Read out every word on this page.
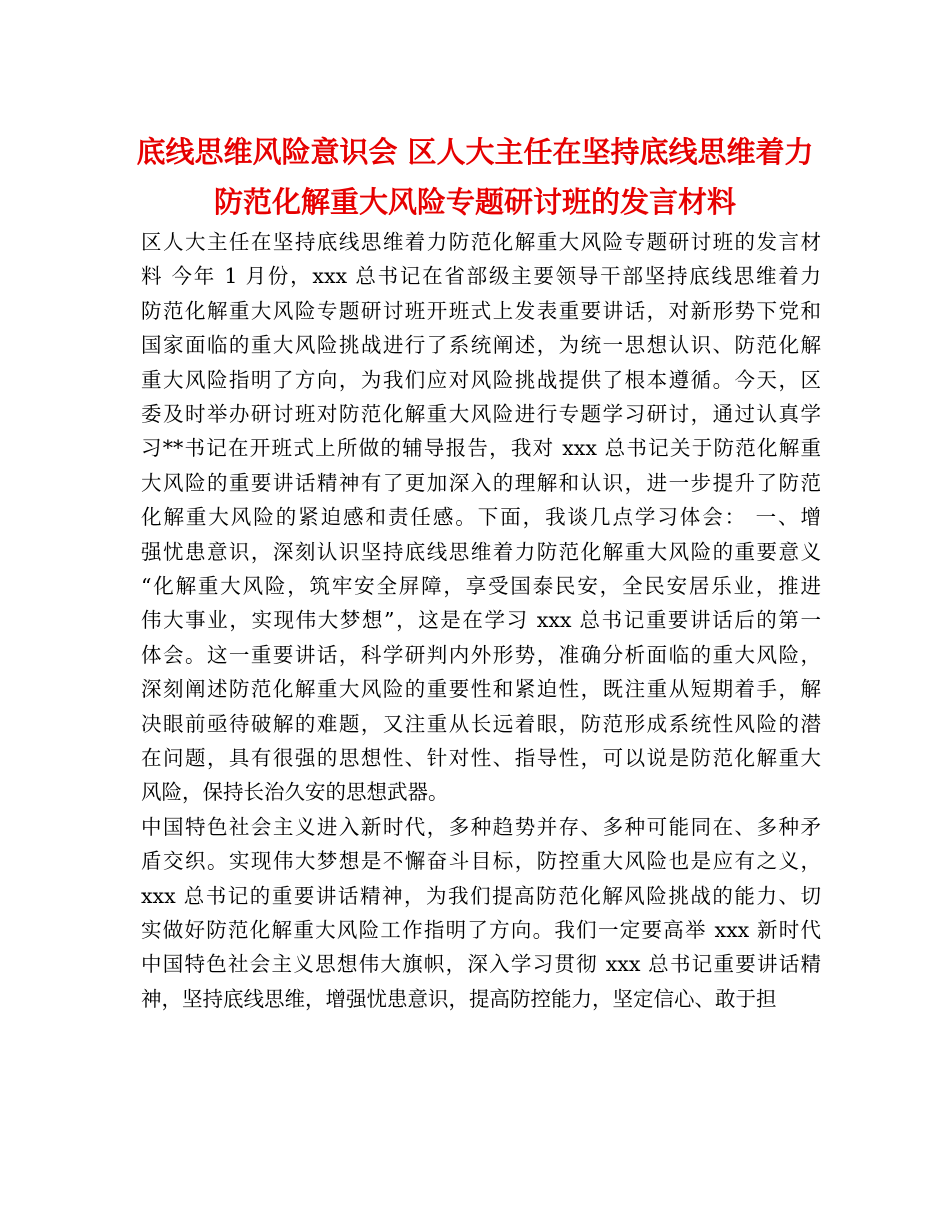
底线思维风险意识会 区人大主任在坚持底线思维着力
防范化解重大风险专题研讨班的发言材料
区人大主任在坚持底线思维着力防范化解重大风险专题研讨班的发言材
料 今年 1 月份，xxx 总书记在省部级主要领导干部坚持底线思维着力
防范化解重大风险专题研讨班开班式上发表重要讲话，对新形势下党和
国家面临的重大风险挑战进行了系统阐述，为统一思想认识、防范化解
重大风险指明了方向，为我们应对风险挑战提供了根本遵循。今天，区
委及时举办研讨班对防范化解重大风险进行专题学习研讨，通过认真学
习**书记在开班式上所做的辅导报告，我对 xxx 总书记关于防范化解重
大风险的重要讲话精神有了更加深入的理解和认识，进一步提升了防范
化解重大风险的紧迫感和责任感。下面，我谈几点学习体会： 一、增
强忧患意识，深刻认识坚持底线思维着力防范化解重大风险的重要意义
“化解重大风险，筑牢安全屏障，享受国泰民安，全民安居乐业，推进
伟大事业，实现伟大梦想”，这是在学习 xxx 总书记重要讲话后的第一
体会。这一重要讲话，科学研判内外形势，准确分析面临的重大风险，
深刻阐述防范化解重大风险的重要性和紧迫性，既注重从短期着手，解
决眼前亟待破解的难题，又注重从长远着眼，防范形成系统性风险的潜
在问题，具有很强的思想性、针对性、指导性，可以说是防范化解重大
风险，保持长治久安的思想武器。
中国特色社会主义进入新时代，多种趋势并存、多种可能同在、多种矛
盾交织。实现伟大梦想是不懈奋斗目标，防控重大风险也是应有之义，
xxx 总书记的重要讲话精神，为我们提高防范化解风险挑战的能力、切
实做好防范化解重大风险工作指明了方向。我们一定要高举 xxx 新时代
中国特色社会主义思想伟大旗帜，深入学习贯彻 xxx 总书记重要讲话精
神，坚持底线思维，增强忧患意识，提高防控能力，坚定信心、敢于担
